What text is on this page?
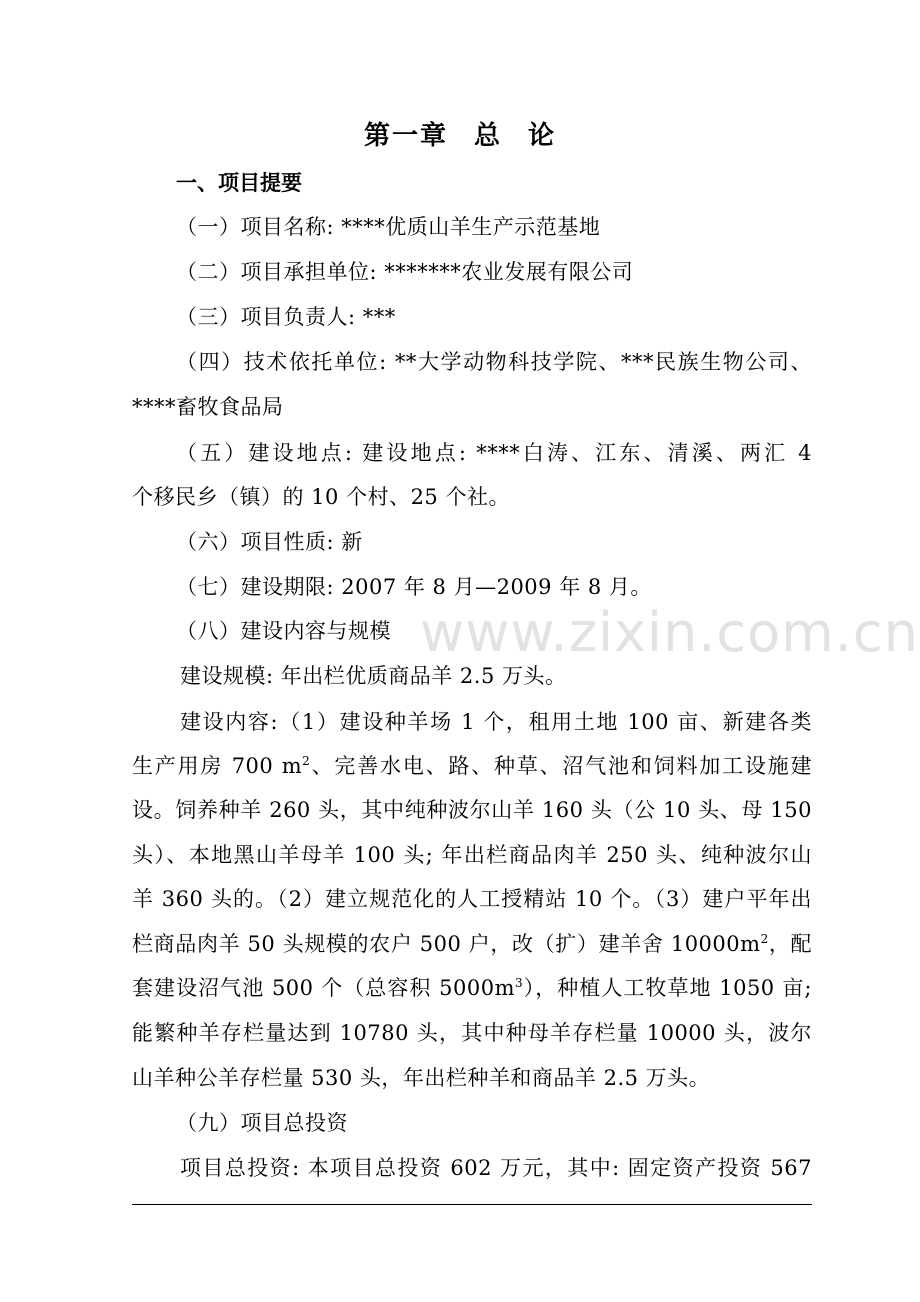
www.zixin.com.cn
第一章 总 论
一、项目提要
（一）项目名称: ****优质山羊生产示范基地
（二）项目承担单位: *******农业发展有限公司
（三）项目负责人: ***
（四）技术依托单位: **大学动物科技学院、***民族生物公司、
****畜牧食品局
（五）建设地点: 建设地点: ****白涛、江东、清溪、两汇 4
个移民乡（镇）的 10 个村、25 个社。
（六）项目性质: 新
（七）建设期限: 2007 年 8 月—2009 年 8 月。
（八）建设内容与规模
建设规模: 年出栏优质商品羊 2.5 万头。
建设内容:（1）建设种羊场 1 个，租用土地 100 亩、新建各类
生产用房 700 $m^2$、完善水电、路、种草、沼气池和饲料加工设施建
设。饲养种羊 260 头，其中纯种波尔山羊 160 头（公 10 头、母 150
头）、本地黑山羊母羊 100 头; 年出栏商品肉羊 250 头、纯种波尔山
羊 360 头的。（2）建立规范化的人工授精站 10 个。（3）建户平年出
栏商品肉羊 50 头规模的农户 500 户，改（扩）建羊舍 $10000m^2$，配
套建设沼气池 500 个（总容积 $5000m^3$），种植人工牧草地 1050 亩;
能繁种羊存栏量达到 10780 头，其中种母羊存栏量 10000 头，波尔
山羊种公羊存栏量 530 头，年出栏种羊和商品羊 2.5 万头。
（九）项目总投资
项目总投资: 本项目总投资 602 万元，其中: 固定资产投资 567
